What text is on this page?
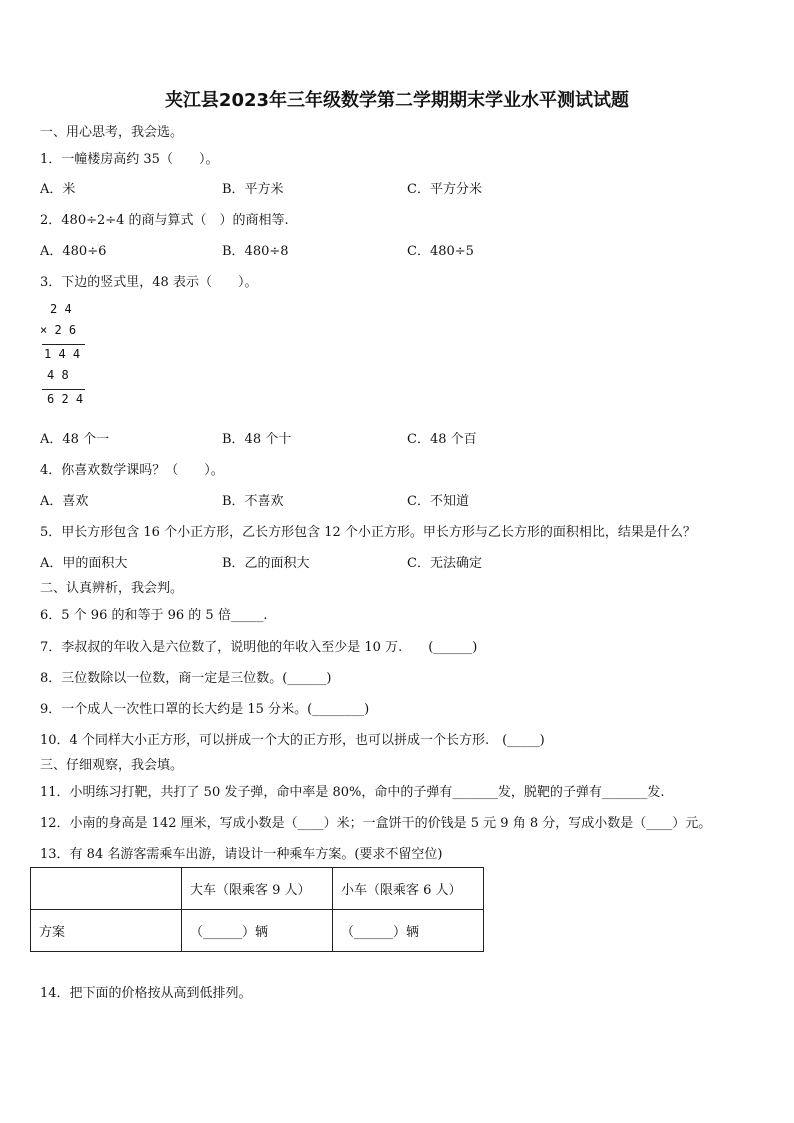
夹江县2023年三年级数学第二学期期末学业水平测试试题
一、用心思考，我会选。
1．一幢楼房高约 35（　　）。
A．米	B．平方米	C．平方分米
2．480÷2÷4 的商与算式（　）的商相等.
A．480÷6	B．480÷8	C．480÷5
3．下边的竖式里，48 表示（　　）。
2 4
× 2 6
1 4 4
4 8
6 2 4
A．48 个一	B．48 个十	C．48 个百
4．你喜欢数学课吗？（　　）。
A．喜欢	B．不喜欢	C．不知道
5．甲长方形包含 16 个小正方形，乙长方形包含 12 个小正方形。甲长方形与乙长方形的面积相比，结果是什么？
A．甲的面积大	B．乙的面积大	C．无法确定
二、认真辨析，我会判。
6．5 个 96 的和等于 96 的 5 倍_____.
7．李叔叔的年收入是六位数了，说明他的年收入至少是 10 万.　　(______)
8．三位数除以一位数，商一定是三位数。(______)
9．一个成人一次性口罩的长大约是 15 分米。(________)
10．4 个同样大小正方形，可以拼成一个大的正方形，也可以拼成一个长方形.　(_____)
三、仔细观察，我会填。
11．小明练习打靶，共打了 50 发子弹，命中率是 80%，命中的子弹有_______发，脱靶的子弹有_______发.
12．小南的身高是 142 厘米，写成小数是（____）米；一盒饼干的价钱是 5 元 9 角 8 分，写成小数是（____）元。
13．有 84 名游客需乘车出游，请设计一种乘车方案。(要求不留空位)
	大车（限乘客 9 人）	小车（限乘客 6 人）
方案	（______）辆	（______）辆
14．把下面的价格按从高到低排列。
